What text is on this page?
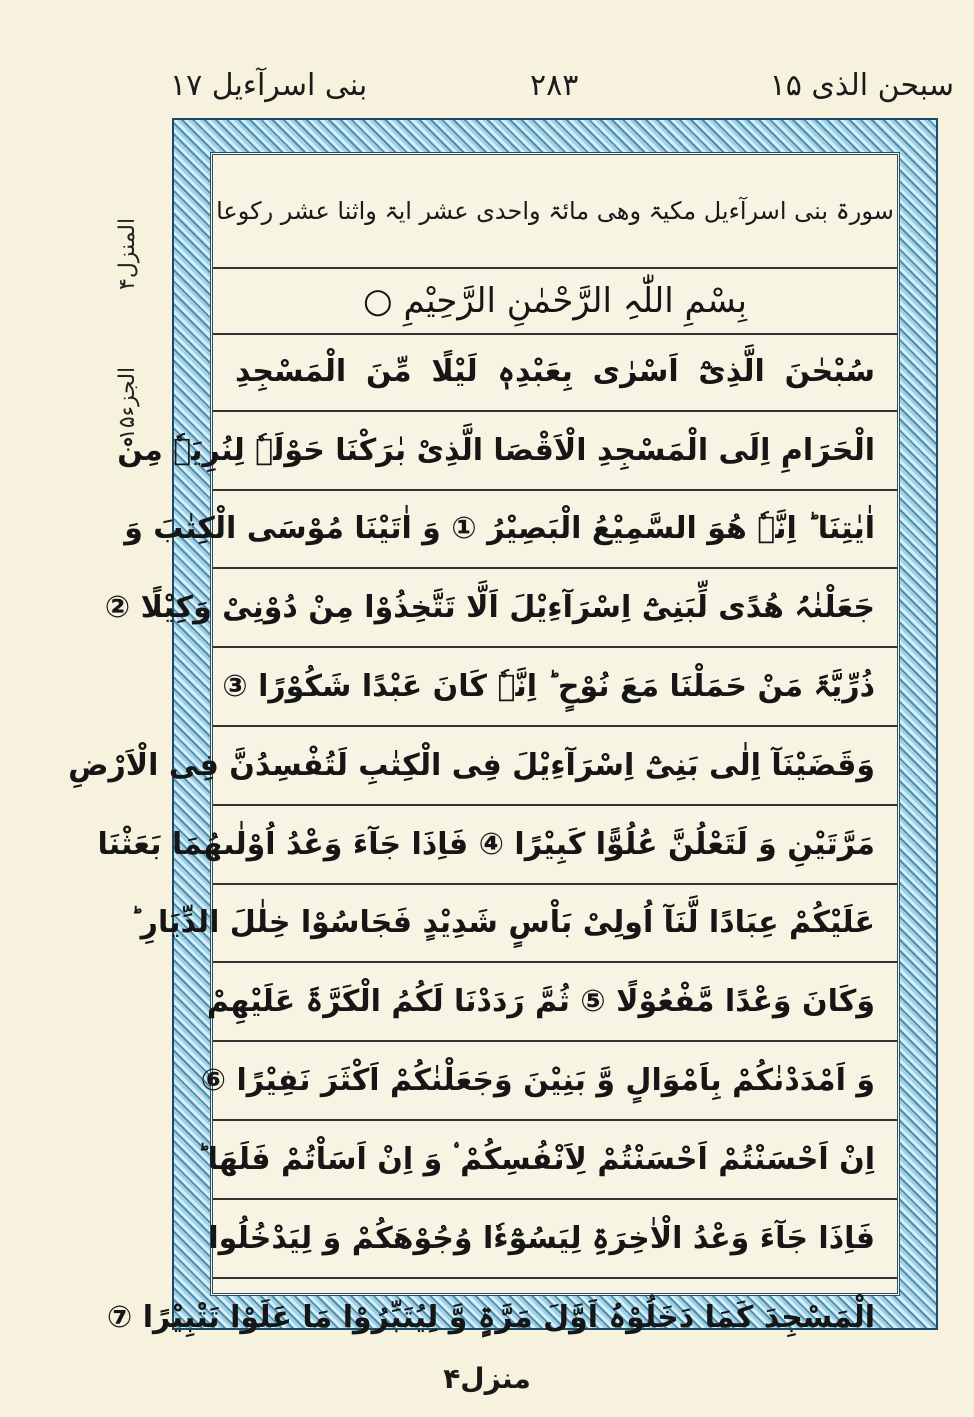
بنی اسرآءیل ۱۷	۲۸۳	سبحن الذی ۱۵
المنزل۴
الجزء۱۵
سورۃ بنی اسرآءیل مکیۃ وھی مائۃ واحدی عشر ایۃ واثنا عشر رکوعا
بِسْمِ اللّٰہِ الرَّحْمٰنِ الرَّحِیْمِ ○
سُبْحٰنَ الَّذِیْٓ اَسْرٰی بِعَبْدِہٖ لَیْلًا مِّنَ الْمَسْجِدِ
الْحَرَامِ اِلَی الْمَسْجِدِ الْاَقْصَا الَّذِیْ بٰرَکْنَا حَوْلَہٗ لِنُرِیَہٗ مِنْ
اٰیٰتِنَا ؕ اِنَّہٗ ھُوَ السَّمِیْعُ الْبَصِیْرُ ① وَ اٰتَیْنَا مُوْسَی الْکِتٰبَ وَ
جَعَلْنٰہُ ھُدًی لِّبَنِیْٓ اِسْرَآءِیْلَ اَلَّا تَتَّخِذُوْا مِنْ دُوْنِیْ وَکِیْلًا ②
ذُرِّیَّۃَ مَنْ حَمَلْنَا مَعَ نُوْحٍ ؕ اِنَّہٗ کَانَ عَبْدًا شَکُوْرًا ③
وَقَضَیْنَآ اِلٰی بَنِیْٓ اِسْرَآءِیْلَ فِی الْکِتٰبِ لَتُفْسِدُنَّ فِی الْاَرْضِ
مَرَّتَیْنِ وَ لَتَعْلُنَّ عُلُوًّا کَبِیْرًا ④ فَاِذَا جَآءَ وَعْدُ اُوْلٰىھُمَا بَعَثْنَا
عَلَیْکُمْ عِبَادًا لَّنَآ اُولِیْ بَاْسٍ شَدِیْدٍ فَجَاسُوْا خِلٰلَ الدِّیَارِ ؕ
وَکَانَ وَعْدًا مَّفْعُوْلًا ⑤ ثُمَّ رَدَدْنَا لَکُمُ الْکَرَّۃَ عَلَیْھِمْ
وَ اَمْدَدْنٰکُمْ بِاَمْوَالٍ وَّ بَنِیْنَ وَجَعَلْنٰکُمْ اَکْثَرَ نَفِیْرًا ⑥
اِنْ اَحْسَنْتُمْ اَحْسَنْتُمْ لِاَنْفُسِکُمْ ۟ وَ اِنْ اَسَاْتُمْ فَلَھَا ؕ
فَاِذَا جَآءَ وَعْدُ الْاٰخِرَۃِ لِیَسُوْٓءٗا وُجُوْھَکُمْ وَ لِیَدْخُلُوا
الْمَسْجِدَ کَمَا دَخَلُوْہُ اَوَّلَ مَرَّۃٍ وَّ لِیُتَبِّرُوْا مَا عَلَوْا تَتْبِیْرًا ⑦
منزل۴
